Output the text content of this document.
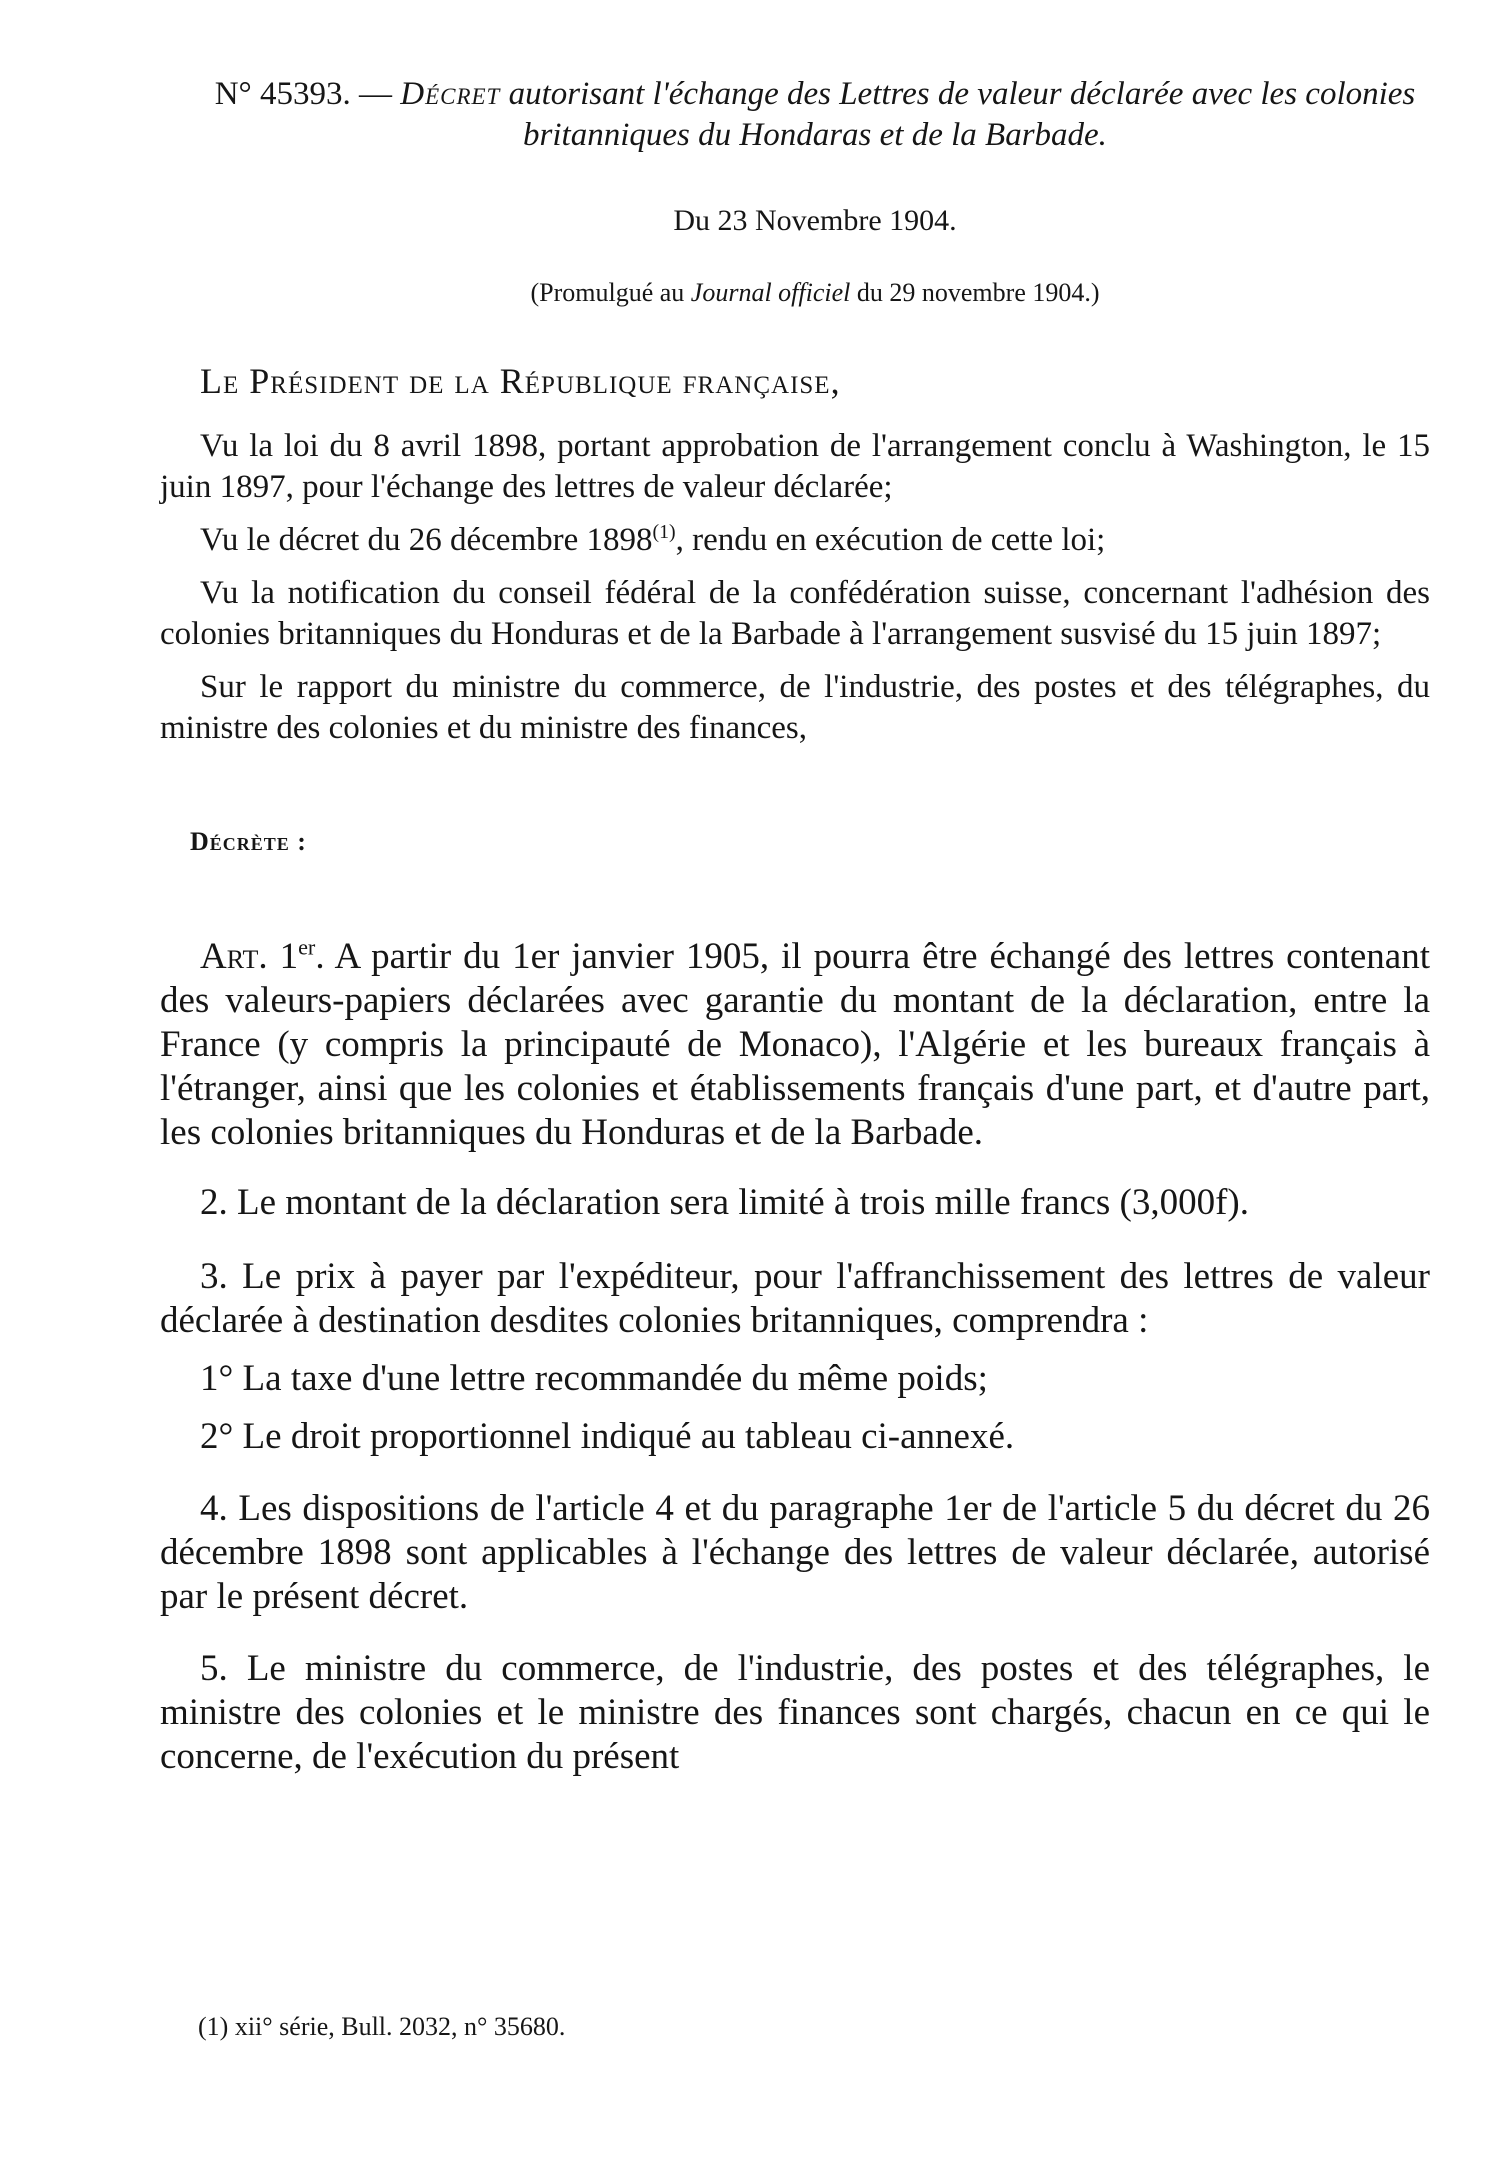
N° 45393. — Décret autorisant l'échange des Lettres de valeur déclarée avec les colonies britanniques du Hondaras et de la Barbade.
Du 23 Novembre 1904.
(Promulgué au Journal officiel du 29 novembre 1904.)
Le Président de la République française,

Vu la loi du 8 avril 1898, portant approbation de l'arrangement conclu à Washington, le 15 juin 1897, pour l'échange des lettres de valeur déclarée;

Vu le décret du 26 décembre 1898$^{(1)}$, rendu en exécution de cette loi;

Vu la notification du conseil fédéral de la confédération suisse, concernant l'adhésion des colonies britanniques du Honduras et de la Barbade à l'arrangement susvisé du 15 juin 1897;

Sur le rapport du ministre du commerce, de l'industrie, des postes et des télégraphes, du ministre des colonies et du ministre des finances,

Décrète :

Art. 1er. A partir du 1er janvier 1905, il pourra être échangé des lettres contenant des valeurs-papiers déclarées avec garantie du montant de la déclaration, entre la France (y compris la principauté de Monaco), l'Algérie et les bureaux français à l'étranger, ainsi que les colonies et établissements français d'une part, et d'autre part, les colonies britanniques du Honduras et de la Barbade.

2. Le montant de la déclaration sera limité à trois mille francs (3,000f).

3. Le prix à payer par l'expéditeur, pour l'affranchissement des lettres de valeur déclarée à destination desdites colonies britanniques, comprendra :

1° La taxe d'une lettre recommandée du même poids;

2° Le droit proportionnel indiqué au tableau ci-annexé.

4. Les dispositions de l'article 4 et du paragraphe 1er de l'article 5 du décret du 26 décembre 1898 sont applicables à l'échange des lettres de valeur déclarée, autorisé par le présent décret.

5. Le ministre du commerce, de l'industrie, des postes et des télégraphes, le ministre des colonies et le ministre des finances sont chargés, chacun en ce qui le concerne, de l'exécution du présent

(1) xii° série, Bull. 2032, n° 35680.
